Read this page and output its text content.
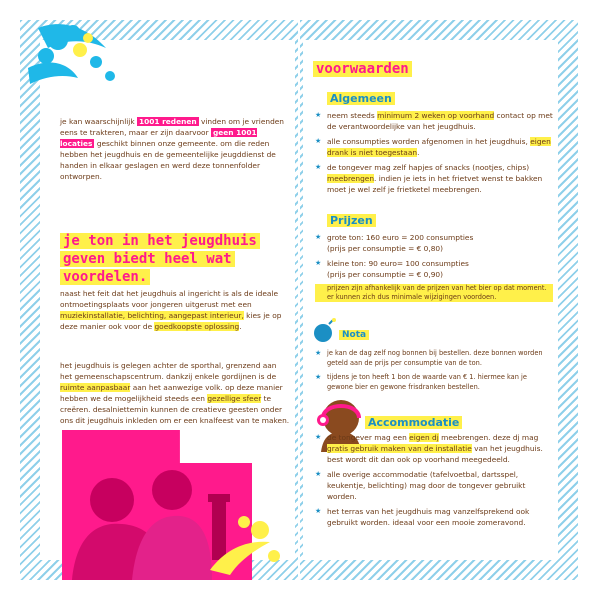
je kan waarschijnlijk 1001 redenen vinden om je vrienden eens te trakteren, maar er zijn daarvoor geen 1001 locaties geschikt binnen onze gemeente. om die reden hebben het jeugdhuis en de gemeentelijke jeugddienst de handen in elkaar geslagen en werd deze tonnenfolder ontworpen.

je ton in het jeugdhuis
geven biedt heel wat
voordelen.

naast het feit dat het jeugdhuis al ingericht is als de ideale ontmoetingsplaats voor jongeren uitgerust met een muziekinstallatie, belichting, aangepast interieur, kies je op deze manier ook voor de goedkoopste oplossing.

het jeugdhuis is gelegen achter de sporthal, grenzend aan het gemeenschapscentrum. dankzij enkele gordijnen is de ruimte aanpasbaar aan het aanwezige volk. op deze manier hebben we de mogelijkheid steeds een gezellige sfeer te creëren. desalniettemin kunnen de creatieve geesten onder ons dit jeugdhuis inkleden om er een knalfeest van te maken.

voorwaarden
Algemeen
★ neem steeds minimum 2 weken op voorhand contact op met de verantwoordelijke van het jeugdhuis.
★ alle consumpties worden afgenomen in het jeugdhuis, eigen drank is niet toegestaan.
★ de tongever mag zelf hapjes of snacks (nootjes, chips) meebrengen. indien je iets in het frietvet wenst te bakken moet je wel zelf je frietketel meebrengen.
Prijzen
★ grote ton: 160 euro = 200 consumpties
(prijs per consumptie = € 0,80)
★ kleine ton: 90 euro= 100 consumpties
(prijs per consumptie = € 0,90)
prijzen zijn afhankelijk van de prijzen van het bier op dat moment. er kunnen zich dus minimale wijzigingen voordoen.
Nota
★ je kan de dag zelf nog bonnen bij bestellen. deze bonnen worden geteld aan de prijs per consumptie van de ton.
★ tijdens je ton heeft 1 bon de waarde van € 1. hiermee kan je gewone bier en gewone frisdranken bestellen.
Accommodatie
★ de tongever mag een eigen dj meebrengen. deze dj mag gratis gebruik maken van de installatie van het jeugdhuis. best wordt dit dan ook op voorhand meegedeeld.
★ alle overige accommodatie (tafelvoetbal, dartsspel, keukentje, belichting) mag door de tongever gebruikt worden.
★ het terras van het jeugdhuis mag vanzelfsprekend ook gebruikt worden. ideaal voor een mooie zomeravond.
